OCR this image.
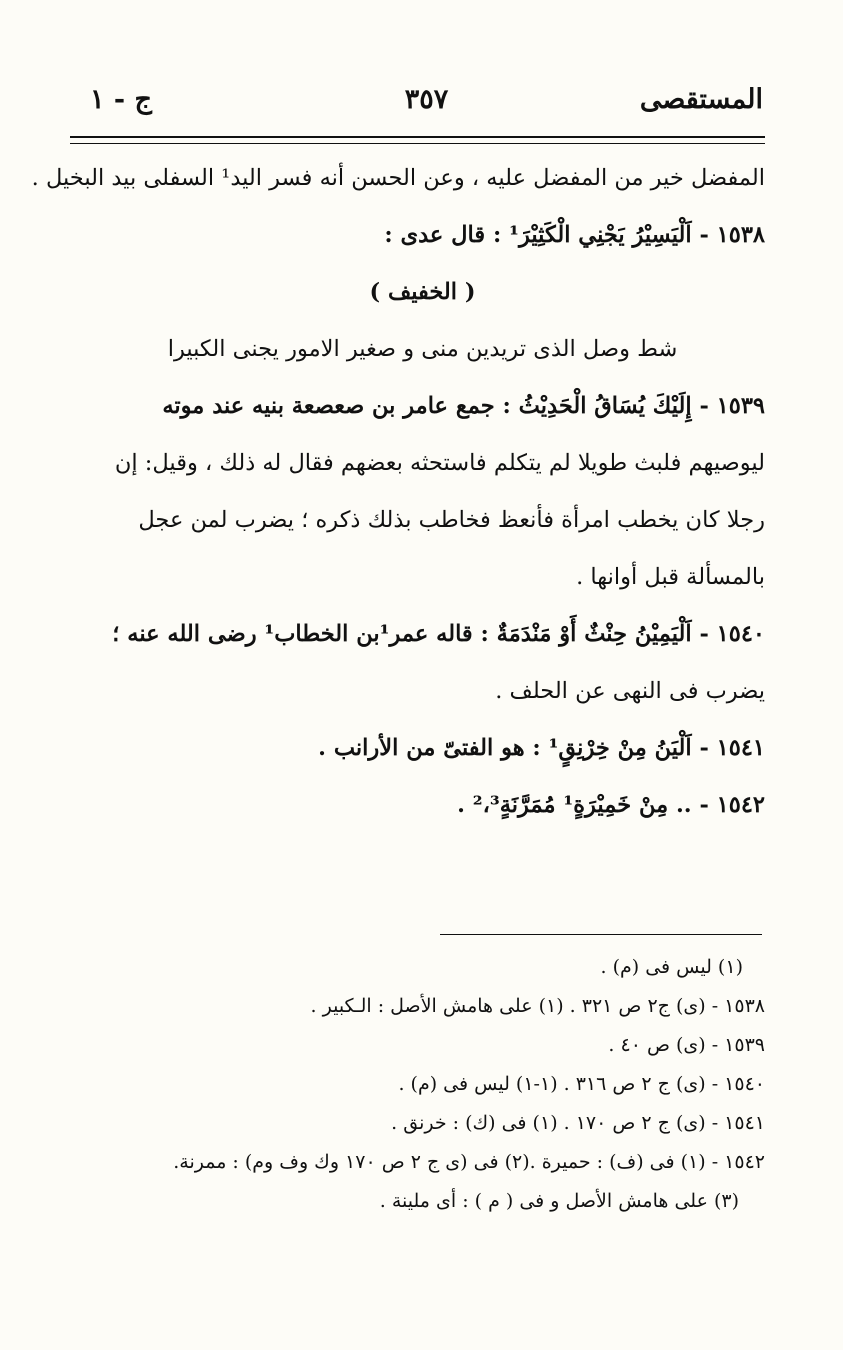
المستقصى
٣٥٧
ج - ١
المفضل خير من المفضل عليه ، وعن الحسن أنه فسر اليد¹ السفلى بيد البخيل .
١٥٣٨ - اَلْيَسِيْرُ يَجْنِي الْكَثِيْرَ¹ : قال عدى :
( الخفيف )
شط وصل الذى تريدين منى و صغير الامور يجنى الكبيرا
١٥٣٩ - إِلَيْكَ يُسَاقُ الْحَدِيْثُ : جمع عامر بن صعصعة بنيه عند موته
ليوصيهم فلبث طويلا لم يتكلم فاستحثه بعضهم فقال له ذلك ، وقيل: إن
رجلا كان يخطب امرأة فأنعظ فخاطب بذلك ذكره ؛ يضرب لمن عجل
بالمسألة قبل أوانها .
١٥٤٠ - اَلْيَمِيْنُ حِنْثٌ أَوْ مَنْدَمَةٌ : قاله عمر¹بن الخطاب¹ رضى الله عنه ؛
يضرب فى النهى عن الحلف .
١٥٤١ - اَلْيَنُ مِنْ خِرْنِقٍ¹ : هو الفتىّ من الأرانب .
١٥٤٢ - .. مِنْ خَمِيْرَةٍ¹ مُمَرَّنَةٍ²،³ .
(١) ليس فى (م) .
١٥٣٨ - (ى) ج٢ ص ٣٢١ . (١) على هامش الأصل : الـكبير .
١٥٣٩ - (ى) ص ٤٠ .
١٥٤٠ - (ى) ج ٢ ص ٣١٦ . (١-١) ليس فى (م) .
١٥٤١ - (ى) ج ٢ ص ١٧٠ . (١) فى (ك) : خرنق .
١٥٤٢ - (١) فى (ف) : حميرة .(٢) فى (ى ج ٢ ص ١٧٠ وك وف وم) : ممرنة.
(٣) على هامش الأصل و فى ( م ) : أى ملينة .
